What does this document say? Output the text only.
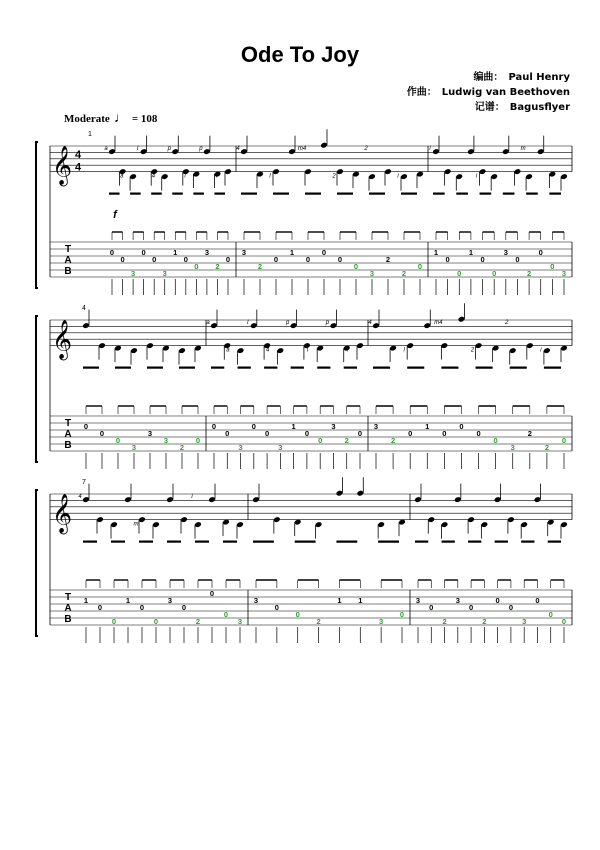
Ode To Joy
编曲： Paul Henry
作曲： Ludwig van Beethoven
记谱： Bagusflyer
Moderate ♩ = 108
𝄞 4
4
f
1
T
A
B
a
a
l
4
p
i
p
i
0
0
3
0
0
3
1
0
0
3
2
0
4
l
m4
2
2
i
3
2
0
1
0
0
0
0
3
2
2
0
i
i
m
1
0
0
1
0
0
3
0
2
0
0
3
𝄞
4
T
A
B
0
0
0
3
3
3
2
0
a
a
l
4
p
i
p
i
0
0
3
0
0
3
1
0
0
3
2
0
4
l
m4
2
2
i
3
2
0
1
0
0
0
0
3
2
2
0
𝄞
7
T
A
B
4
m
i
1
0
0
1
0
0
3
0
2
0
0
3
3
0
0
2
1 1
3
0
3
0
2
3
0
2
0
0
3
0
0
0
